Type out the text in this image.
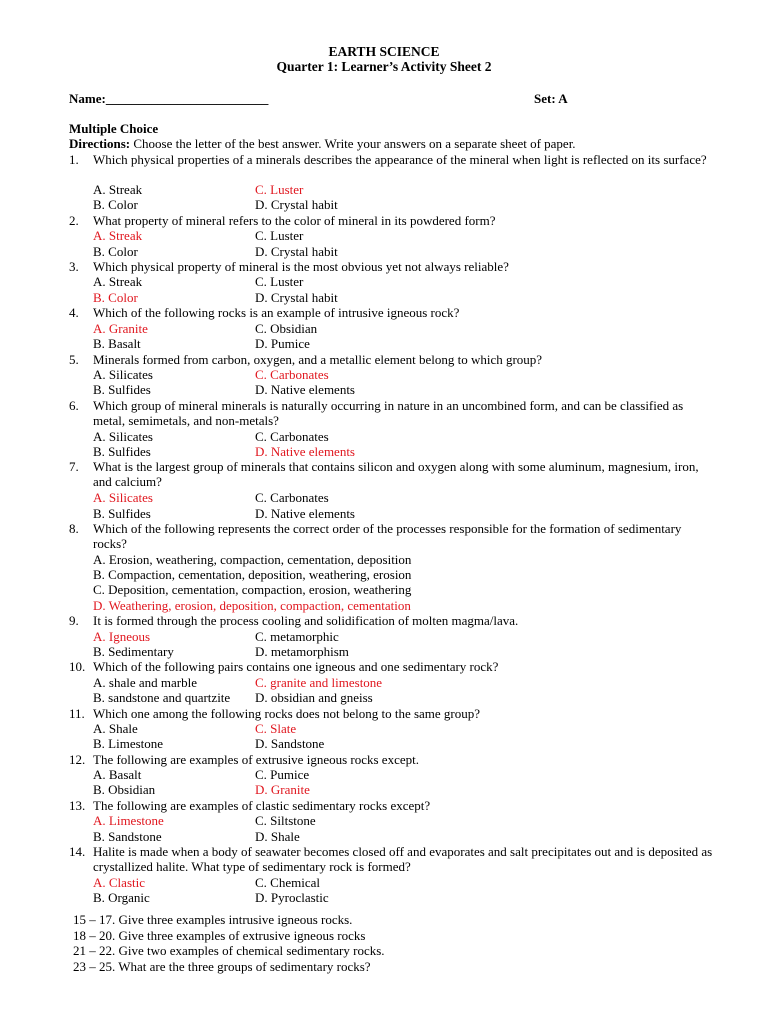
EARTH SCIENCE
Quarter 1: Learner’s Activity Sheet 2
Name:_________________________	Set: A
Multiple Choice
Directions: Choose the letter of the best answer. Write your answers on a separate sheet of paper.
1. Which physical properties of a minerals describes the appearance of the mineral when light is reflected on its surface?
A. Streak	C. Luster
B. Color	D. Crystal habit
2. What property of mineral refers to the color of mineral in its powdered form?
A. Streak	C. Luster
B. Color	D. Crystal habit
3. Which physical property of mineral is the most obvious yet not always reliable?
A. Streak	C. Luster
B. Color	D. Crystal habit
4. Which of the following rocks is an example of intrusive igneous rock?
A. Granite	C. Obsidian
B. Basalt	D. Pumice
5. Minerals formed from carbon, oxygen, and a metallic element belong to which group?
A. Silicates	C. Carbonates
B. Sulfides	D. Native elements
6. Which group of mineral minerals is naturally occurring in nature in an uncombined form, and can be classified as metal, semimetals, and non-metals?
A. Silicates	C. Carbonates
B. Sulfides	D. Native elements
7. What is the largest group of minerals that contains silicon and oxygen along with some aluminum, magnesium, iron, and calcium?
A. Silicates	C. Carbonates
B. Sulfides	D. Native elements
8. Which of the following represents the correct order of the processes responsible for the formation of sedimentary rocks?
A. Erosion, weathering, compaction, cementation, deposition
B. Compaction, cementation, deposition, weathering, erosion
C. Deposition, cementation, compaction, erosion, weathering
D. Weathering, erosion, deposition, compaction, cementation
9. It is formed through the process cooling and solidification of molten magma/lava.
A. Igneous	C. metamorphic
B. Sedimentary	D. metamorphism
10. Which of the following pairs contains one igneous and one sedimentary rock?
A. shale and marble	C. granite and limestone
B. sandstone and quartzite D. obsidian and gneiss
11. Which one among the following rocks does not belong to the same group?
A. Shale	C. Slate
B. Limestone	D. Sandstone
12. The following are examples of extrusive igneous rocks except.
A. Basalt	C. Pumice
B. Obsidian	D. Granite
13. The following are examples of clastic sedimentary rocks except?
A. Limestone	C. Siltstone
B. Sandstone	D. Shale
14. Halite is made when a body of seawater becomes closed off and evaporates and salt precipitates out and is deposited as crystallized halite. What type of sedimentary rock is formed?
A. Clastic	C. Chemical
B. Organic	D. Pyroclastic
15 – 17. Give three examples intrusive igneous rocks.
18 – 20. Give three examples of extrusive igneous rocks
21 – 22. Give two examples of chemical sedimentary rocks.
23 – 25. What are the three groups of sedimentary rocks?
